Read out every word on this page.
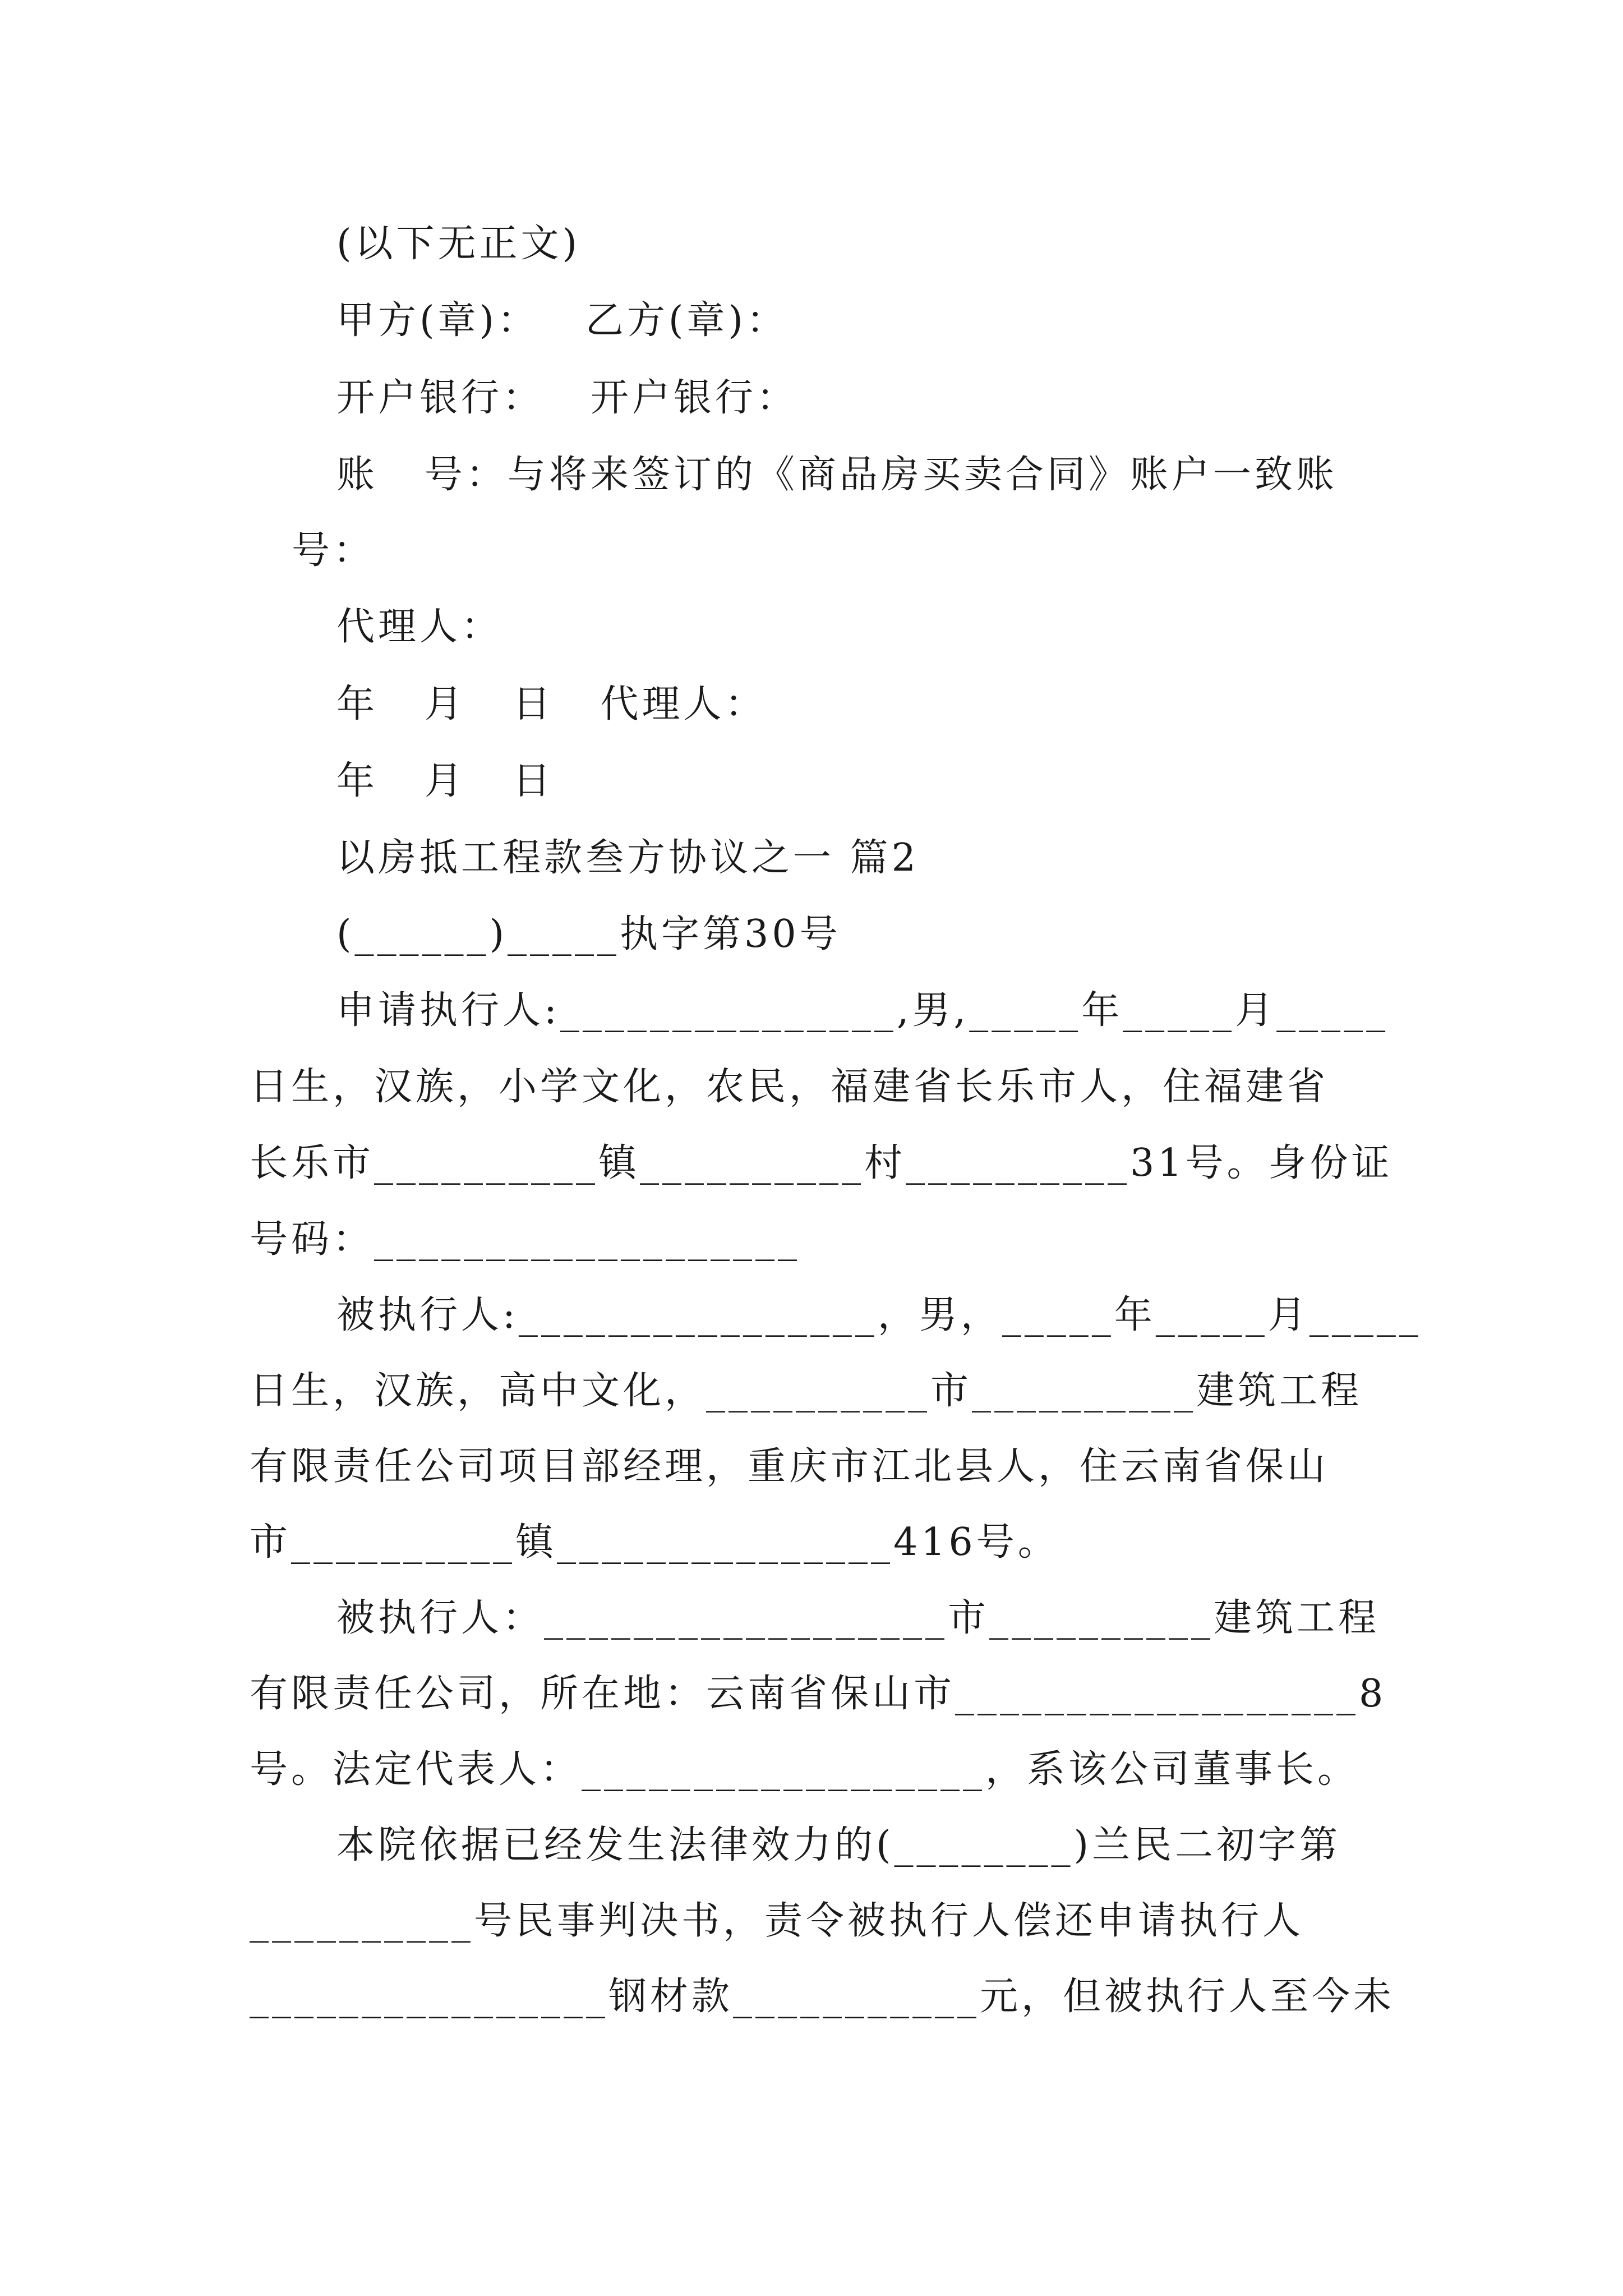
(以下无正文)
甲方(章)：   乙方(章)：
开户银行：   开户银行：
账   号：与将来签订的《商品房买卖合同》账户一致账
号：
代理人：
年   月   日   代理人：
年   月   日
以房抵工程款叁方协议之一 篇2
(______)_____执字第30号
申请执行人:_______________,男,_____年_____月_____
日生，汉族，小学文化，农民，福建省长乐市人，住福建省
长乐市__________镇__________村__________31号。身份证
号码：___________________
被执行人:________________，男，_____年_____月_____
日生，汉族，高中文化，__________市__________建筑工程
有限责任公司项目部经理，重庆市江北县人，住云南省保山
市__________镇_______________416号。
被执行人：__________________市__________建筑工程
有限责任公司，所在地：云南省保山市__________________8
号。法定代表人：__________________，系该公司董事长。
本院依据已经发生法律效力的(________)兰民二初字第
__________号民事判决书，责令被执行人偿还申请执行人
________________钢材款___________元，但被执行人至今未
